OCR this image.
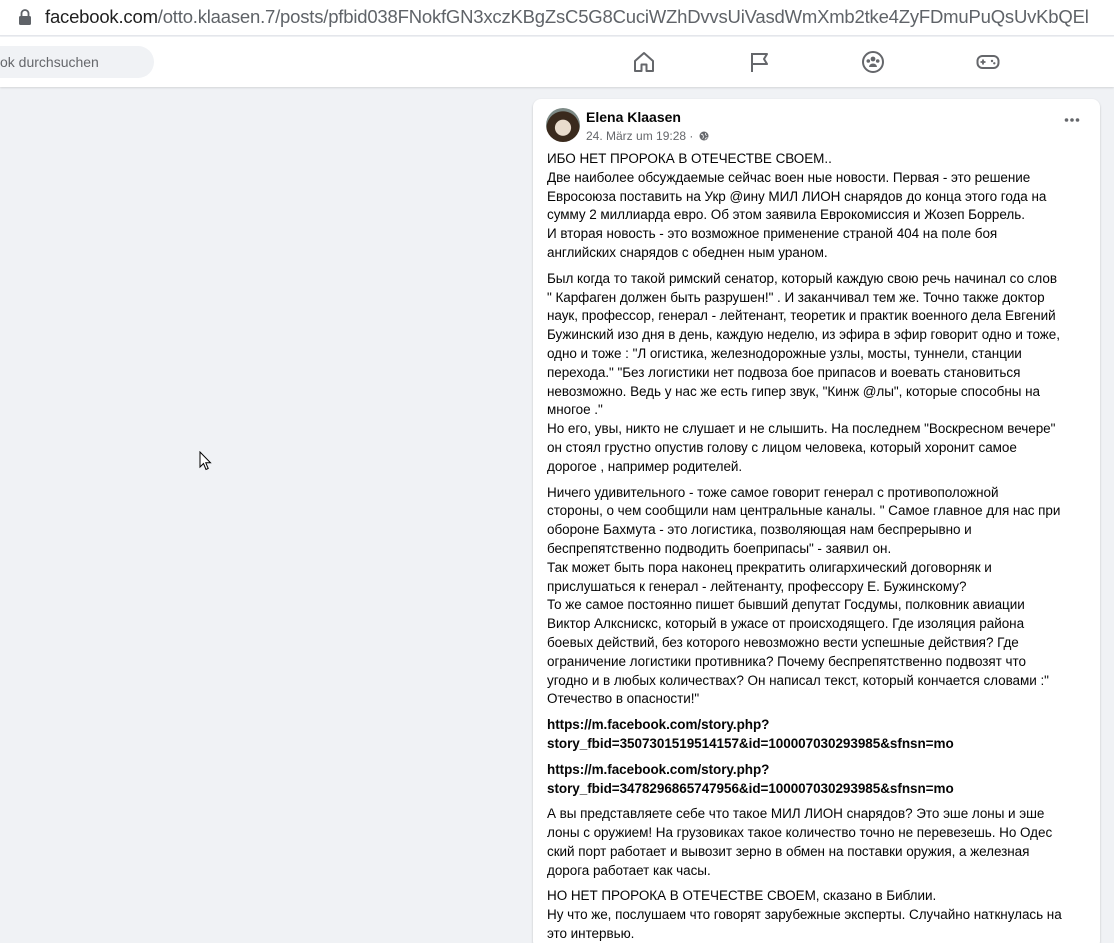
facebook.com/otto.klaasen.7/posts/pfbid038FNokfGN3xczKBgZsC5G8CuciWZhDvvsUiVasdWmXmb2tke4ZyFDmuPuQsUvKbQEl
ok durchsuchen
Elena Klaasen
24. März um 19:28 ·

ИБО НЕТ ПРОРОКА В ОТЕЧЕСТВЕ СВОЕМ..
Две наиболее обсуждаемые сейчас воен ные новости. Первая - это решение
Евросоюза поставить на Укр @ину МИЛ ЛИОН снарядов до конца этого года на
сумму 2 миллиарда евро. Об этом заявила Еврокомиссия и Жозеп Боррель.
И вторая новость - это возможное применение страной 404 на поле боя
английских снарядов с обеднен ным ураном.

Был когда то такой римский сенатор, который каждую свою речь начинал со слов
" Карфаген должен быть разрушен!" . И заканчивал тем же. Точно также доктор
наук, профессор, генерал - лейтенант, теоретик и практик военного дела Евгений
Бужинский изо дня в день, каждую неделю, из эфира в эфир говорит одно и тоже,
одно и тоже : "Л огистика, железнодорожные узлы, мосты, туннели, станции
перехода." "Без логистики нет подвоза бое припасов и воевать становиться
невозможно. Ведь у нас же есть гипер звук, "Кинж @лы", которые способны на
многое ."
Но его, увы, никто не слушает и не слышить. На последнем "Воскресном вечере"
он стоял грустно опустив голову с лицом человека, который хоронит самое
дорогое , например родителей.

Ничего удивительного - тоже самое говорит генерал с противоположной
стороны, о чем сообщили нам центральные каналы. " Самое главное для нас при
обороне Бахмута - это логистика, позволяющая нам беспрерывно и
беспрепятственно подводить боеприпасы" - заявил он.
Так может быть пора наконец прекратить олигархический договорняк и
прислушаться к генерал - лейтенанту, профессору Е. Бужинскому?
То же самое постоянно пишет бывший депутат Госдумы, полковник авиации
Виктор Алкснискс, который в ужасе от происходящего. Где изоляция района
боевых действий, без которого невозможно вести успешные действия? Где
ограничение логистики противника? Почему беспрепятственно подвозят что
угодно и в любых количествах? Он написал текст, который кончается словами :"
Отечество в опасности!"

https://m.facebook.com/story.php?
story_fbid=3507301519514157&id=100007030293985&sfnsn=mo

https://m.facebook.com/story.php?
story_fbid=3478296865747956&id=100007030293985&sfnsn=mo

А вы представляете себе что такое МИЛ ЛИОН снарядов? Это эше лоны и эше
лоны с оружием! На грузовиках такое количество точно не перевезешь. Но Одес
ский порт работает и вывозит зерно в обмен на поставки оружия, а железная
дорога работает как часы.

НО НЕТ ПРОРОКА В ОТЕЧЕСТВЕ СВОЕМ, сказано в Библии.
Ну что же, послушаем что говорят зарубежные эксперты. Случайно наткнулась на
это интервью.
